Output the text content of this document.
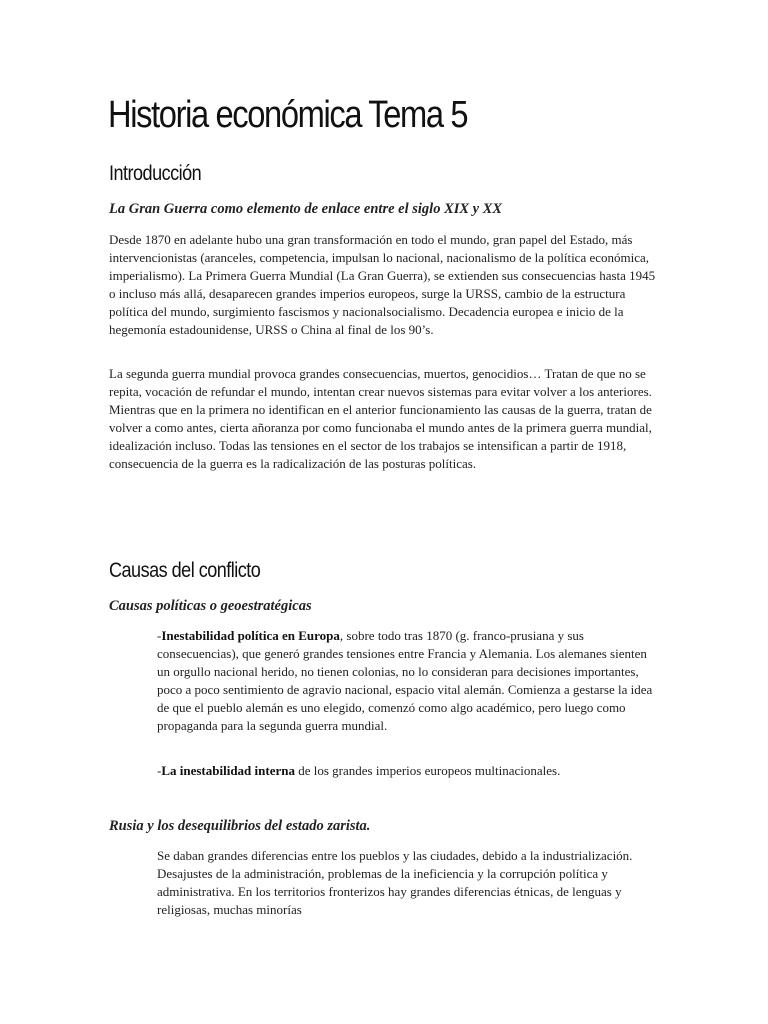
Historia económica Tema 5
Introducción
La Gran Guerra como elemento de enlace entre el siglo XIX y XX

Desde 1870 en adelante hubo una gran transformación en todo el mundo, gran papel del Estado, más intervencionistas (aranceles, competencia, impulsan lo nacional, nacionalismo de la política económica, imperialismo). La Primera Guerra Mundial (La Gran Guerra), se extienden sus consecuencias hasta 1945 o incluso más allá, desaparecen grandes imperios europeos, surge la URSS, cambio de la estructura política del mundo, surgimiento fascismos y nacionalsocialismo. Decadencia europea e inicio de la hegemonía estadounidense, URSS o China al final de los 90’s.

La segunda guerra mundial provoca grandes consecuencias, muertos, genocidios… Tratan de que no se repita, vocación de refundar el mundo, intentan crear nuevos sistemas para evitar volver a los anteriores. Mientras que en la primera no identifican en el anterior funcionamiento las causas de la guerra, tratan de volver a como antes, cierta añoranza por como funcionaba el mundo antes de la primera guerra mundial, idealización incluso. Todas las tensiones en el sector de los trabajos se intensifican a partir de 1918, consecuencia de la guerra es la radicalización de las posturas políticas.

Causas del conflicto
Causas políticas o geoestratégicas

-Inestabilidad política en Europa, sobre todo tras 1870 (g. franco-prusiana y sus consecuencias), que generó grandes tensiones entre Francia y Alemania. Los alemanes sienten un orgullo nacional herido, no tienen colonias, no lo consideran para decisiones importantes, poco a poco sentimiento de agravio nacional, espacio vital alemán. Comienza a gestarse la idea de que el pueblo alemán es uno elegido, comenzó como algo académico, pero luego como propaganda para la segunda guerra mundial.

-La inestabilidad interna de los grandes imperios europeos multinacionales.

Rusia y los desequilibrios del estado zarista.

Se daban grandes diferencias entre los pueblos y las ciudades, debido a la industrialización. Desajustes de la administración, problemas de la ineficiencia y la corrupción política y administrativa. En los territorios fronterizos hay grandes diferencias étnicas, de lenguas y religiosas, muchas minorías
